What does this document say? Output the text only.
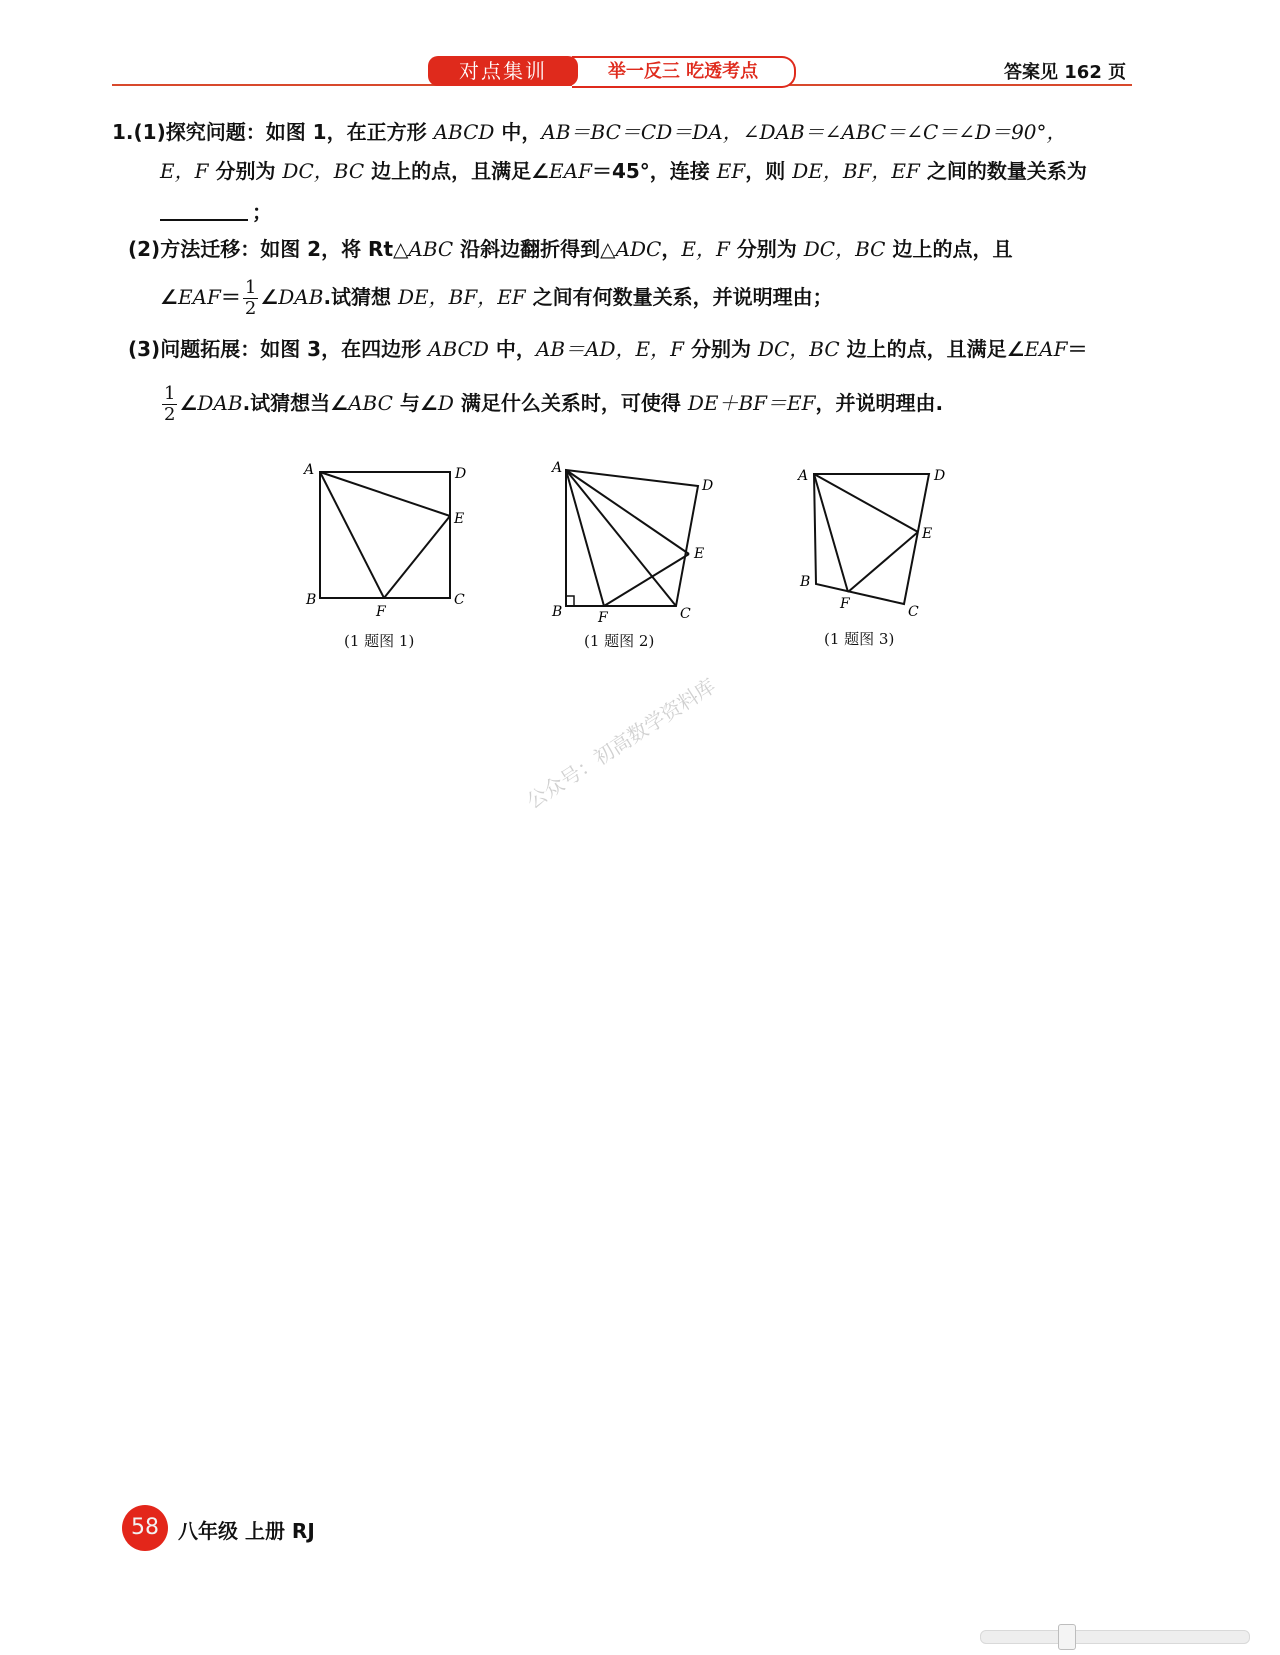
举一反三 吃透考点
对点集训	答案见 162 页
1.(1)探究问题：如图 1，在正方形 ABCD 中，AB＝BC＝CD＝DA，∠DAB＝∠ABC＝∠C＝∠D＝90°，
E，F 分别为 DC，BC 边上的点，且满足∠EAF＝45°，连接 EF，则 DE，BF，EF 之间的数量关系为
；
(2)方法迁移：如图 2，将 Rt△ABC 沿斜边翻折得到△ADC，E，F 分别为 DC，BC 边上的点，且
∠EAF＝ $\frac{1}{2}$ ∠DAB.试猜想 DE，BF，EF 之间有何数量关系，并说明理由；
(3)问题拓展：如图 3，在四边形 ABCD 中，AB＝AD，E，F 分别为 DC，BC 边上的点，且满足∠EAF＝
$\frac{1}{2}$ ∠DAB.试猜想当∠ABC 与∠D 满足什么关系时，可使得 DE＋BF＝EF，并说明理由.
A	D
E
B
F
C
(1 题图 1)
A
D
E
B	F	C
(1 题图 2)
A	D
E
B
F	C
(1 题图 3)
公众号：初高数学资料库
58 八年级 上册 RJ
